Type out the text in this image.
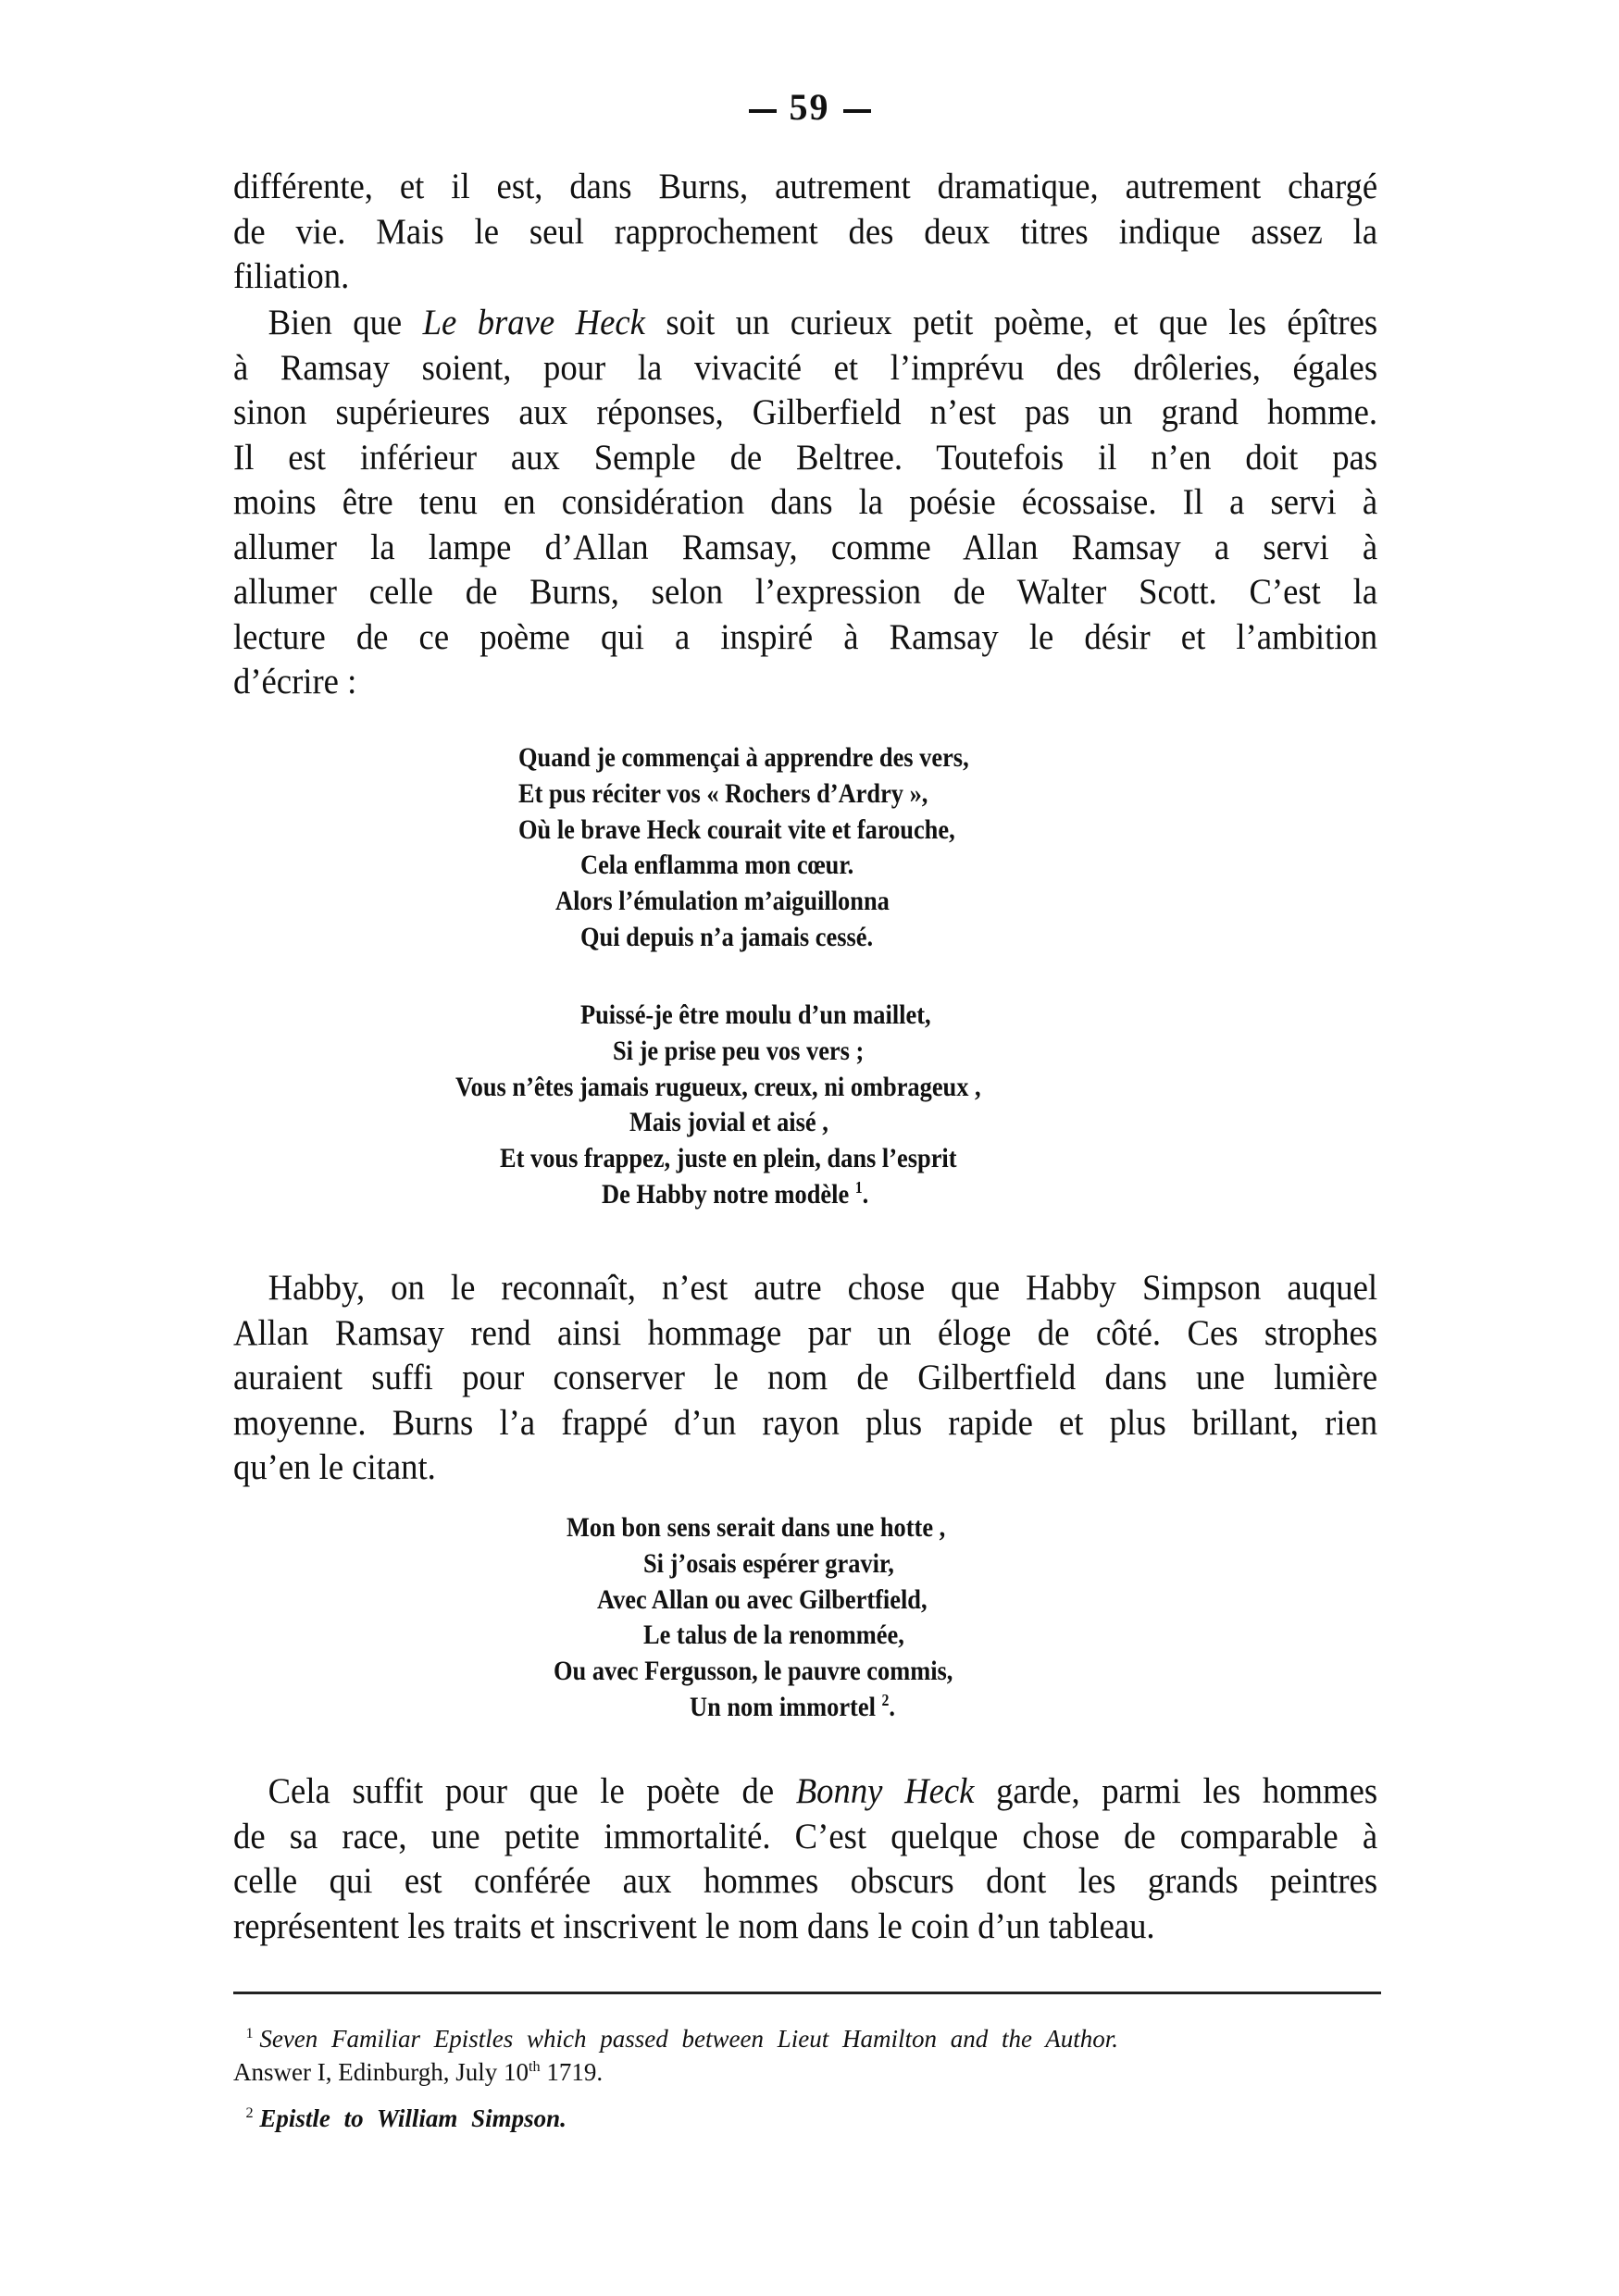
59

différente, et il est, dans Burns, autrement dramatique, autrement chargé
de vie. Mais le seul rapprochement des deux titres indique assez la
filiation.

Bien que Le brave Heck soit un curieux petit poème, et que les épîtres
à Ramsay soient, pour la vivacité et l’imprévu des drôleries, égales
sinon supérieures aux réponses, Gilberfield n’est pas un grand homme.
Il est inférieur aux Semple de Beltree. Toutefois il n’en doit pas
moins être tenu en considération dans la poésie écossaise. Il a servi à
allumer la lampe d’Allan Ramsay, comme Allan Ramsay a servi à
allumer celle de Burns, selon l’expression de Walter Scott. C’est la
lecture de ce poème qui a inspiré à Ramsay le désir et l’ambition
d’écrire :

Quand je commençai à apprendre des vers,
Et pus réciter vos « Rochers d’Ardry »,
Où le brave Heck courait vite et farouche,
Cela enflamma mon cœur.
Alors l’émulation m’aiguillonna
Qui depuis n’a jamais cessé.
Puissé-je être moulu d’un maillet,
Si je prise peu vos vers ;
Vous n’êtes jamais rugueux, creux, ni ombrageux ,
Mais jovial et aisé ,
Et vous frappez, juste en plein, dans l’esprit
De Habby notre modèle $^1$.

Habby, on le reconnaît, n’est autre chose que Habby Simpson auquel
Allan Ramsay rend ainsi hommage par un éloge de côté. Ces strophes
auraient suffi pour conserver le nom de Gilbertfield dans une lumière
moyenne. Burns l’a frappé d’un rayon plus rapide et plus brillant, rien
qu’en le citant.

Mon bon sens serait dans une hotte ,
Si j’osais espérer gravir,
Avec Allan ou avec Gilbertfield,
Le talus de la renommée,
Ou avec Fergusson, le pauvre commis,
Un nom immortel $^2$.

Cela suffit pour que le poète de Bonny Heck garde, parmi les hommes
de sa race, une petite immortalité. C’est quelque chose de comparable à
celle qui est conférée aux hommes obscurs dont les grands peintres
représentent les traits et inscrivent le nom dans le coin d’un tableau.

$^1$ Seven Familiar Epistles which passed between Lieut Hamilton and the Author.
Answer I, Edinburgh, July 10th 1719.
$^2$ Epistle to William Simpson.
